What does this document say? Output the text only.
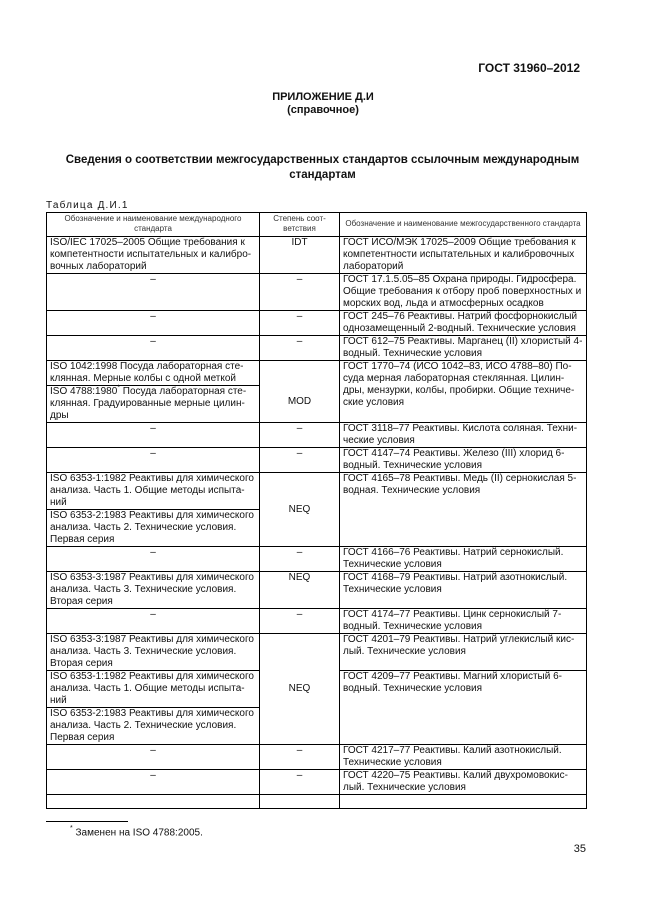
ГОСТ 31960–2012
ПРИЛОЖЕНИЕ Д.И
(справочное)
Сведения о соответствии межгосударственных стандартов ссылочным международным стандартам
Таблица Д.И.1
Обозначение и наименование международного стандарта	Степень соот-ветствия	Обозначение и наименование межгосударственного стандарта
ISO/IEC 17025–2005 Общие требования к компетентности испытательных и калибро-вочных лабораторий	IDT	ГОСТ ИСО/МЭК 17025–2009 Общие требования к компетентности испытательных и калибровочных лабораторий
–	–	ГОСТ 17.1.5.05–85 Охрана природы. Гидросфера. Общие требования к отбору проб поверхностных и морских вод, льда и атмосферных осадков
–	–	ГОСТ 245–76 Реактивы. Натрий фосфорнокислый однозамещенный 2-водный. Технические условия
–	–	ГОСТ 612–75 Реактивы. Марганец (II) хлористый 4-водный. Технические условия
ISO 1042:1998 Посуда лабораторная сте-клянная. Мерные колбы с одной меткой	MOD	ГОСТ 1770–74 (ИСО 1042–83, ИСО 4788–80) По-суда мерная лабораторная стеклянная. Цилин-дры, мензурки, колбы, пробирки. Общие техниче-ские условия
ISO 4788:1980* Посуда лабораторная сте-клянная. Градуированные мерные цилин-дры		
–	–	ГОСТ 3118–77 Реактивы. Кислота соляная. Техни-ческие условия
–	–	ГОСТ 4147–74 Реактивы. Железо (III) хлорид 6-водный. Технические условия
ISO 6353-1:1982 Реактивы для химического анализа. Часть 1. Общие методы испыта-ний	NEQ	ГОСТ 4165–78 Реактивы. Медь (II) сернокислая 5-водная. Технические условия
ISO 6353-2:1983 Реактивы для химического анализа. Часть 2. Технические условия. Первая серия		
–	–	ГОСТ 4166–76 Реактивы. Натрий сернокислый. Технические условия
ISO 6353-3:1987 Реактивы для химического анализа. Часть 3. Технические условия. Вторая серия	NEQ	ГОСТ 4168–79 Реактивы. Натрий азотнокислый. Технические условия
–	–	ГОСТ 4174–77 Реактивы. Цинк сернокислый 7-водный. Технические условия
ISO 6353-3:1987 Реактивы для химического анализа. Часть 3. Технические условия. Вторая серия	NEQ	ГОСТ 4201–79 Реактивы. Натрий углекислый кис-лый. Технические условия
ISO 6353-1:1982 Реактивы для химического анализа. Часть 1. Общие методы испыта-ний		ГОСТ 4209–77 Реактивы. Магний хлористый 6-водный. Технические условия
ISO 6353-2:1983 Реактивы для химического анализа. Часть 2. Технические условия. Первая серия		
–	–	ГОСТ 4217–77 Реактивы. Калий азотнокислый. Технические условия
–	–	ГОСТ 4220–75 Реактивы. Калий двухромовокис-лый. Технические условия

* Заменен на ISO 4788:2005.
35
